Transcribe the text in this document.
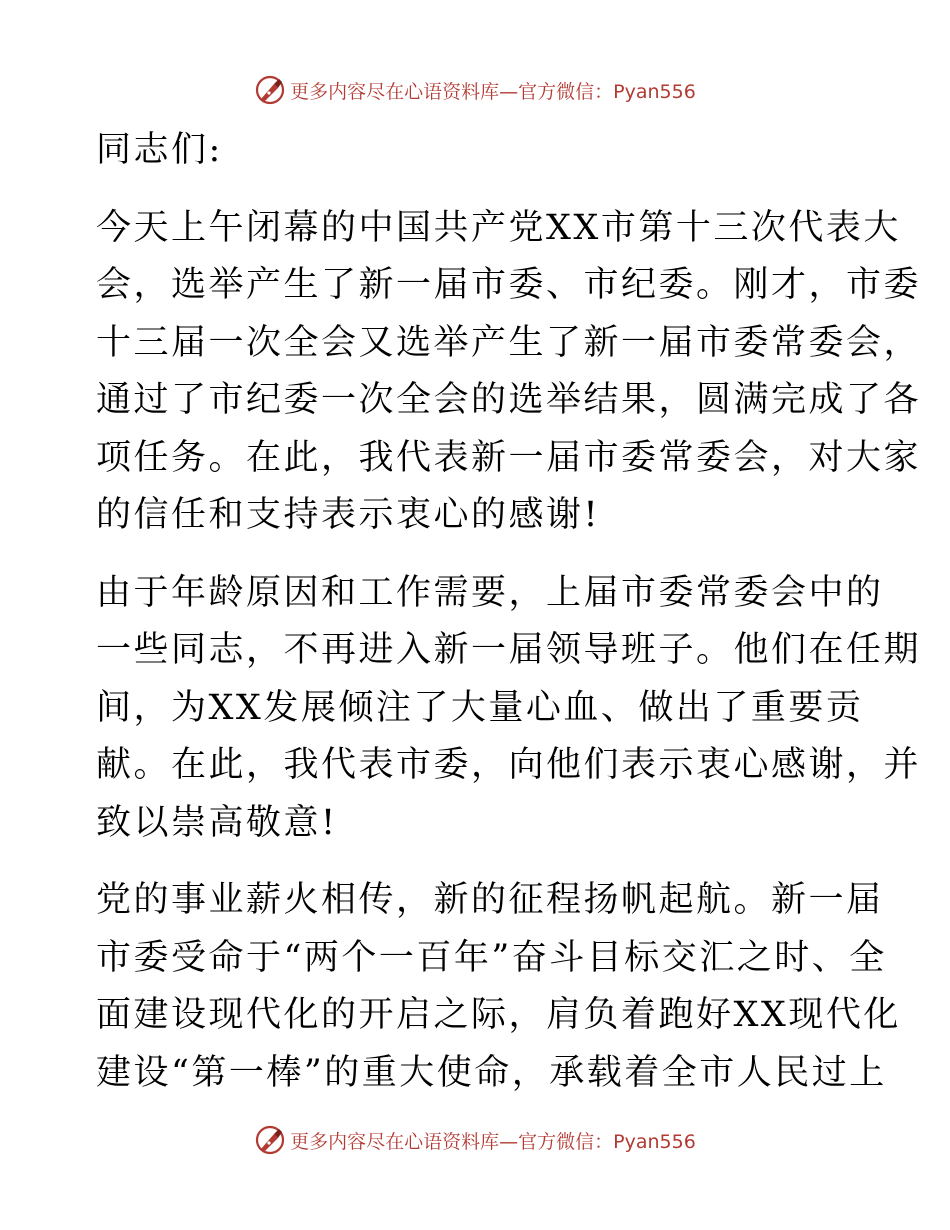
更多内容尽在心语资料库—官方微信：Pyan556
同志们:
今天上午闭幕的中国共产党XX市第十三次代表大
会，选举产生了新一届市委、市纪委。刚才，市委
十三届一次全会又选举产生了新一届市委常委会，
通过了市纪委一次全会的选举结果，圆满完成了各
项任务。在此，我代表新一届市委常委会，对大家
的信任和支持表示衷心的感谢!
由于年龄原因和工作需要，上届市委常委会中的
一些同志，不再进入新一届领导班子。他们在任期
间，为XX发展倾注了大量心血、做出了重要贡
献。在此，我代表市委，向他们表示衷心感谢，并
致以崇高敬意!
党的事业薪火相传，新的征程扬帆起航。新一届
市委受命于“两个一百年”奋斗目标交汇之时、全
面建设现代化的开启之际，肩负着跑好XX现代化
建设“第一棒”的重大使命，承载着全市人民过上
更多内容尽在心语资料库—官方微信：Pyan556
